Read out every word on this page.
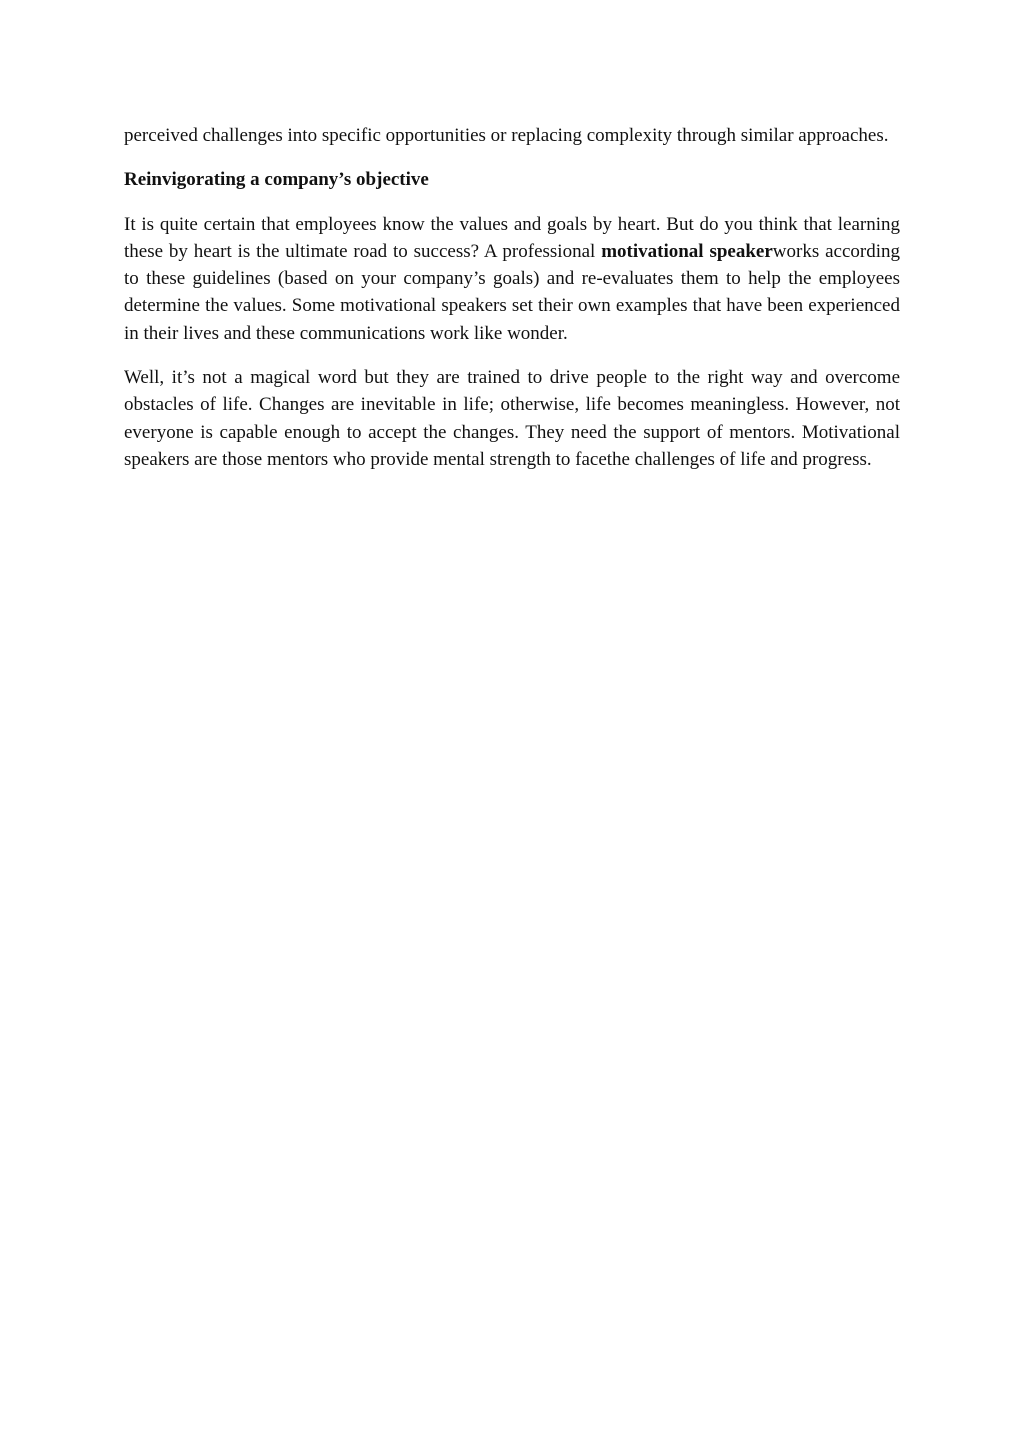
perceived challenges into specific opportunities or replacing complexity through similar approaches.

Reinvigorating a company’s objective

It is quite certain that employees know the values and goals by heart. But do you think that learning these by heart is the ultimate road to success? A professional motivational speakerworks according to these guidelines (based on your company’s goals) and re-evaluates them to help the employees determine the values. Some motivational speakers set their own examples that have been experienced in their lives and these communications work like wonder.

Well, it’s not a magical word but they are trained to drive people to the right way and overcome obstacles of life. Changes are inevitable in life; otherwise, life becomes meaningless. However, not everyone is capable enough to accept the changes. They need the support of mentors. Motivational speakers are those mentors who provide mental strength to facethe challenges of life and progress.
